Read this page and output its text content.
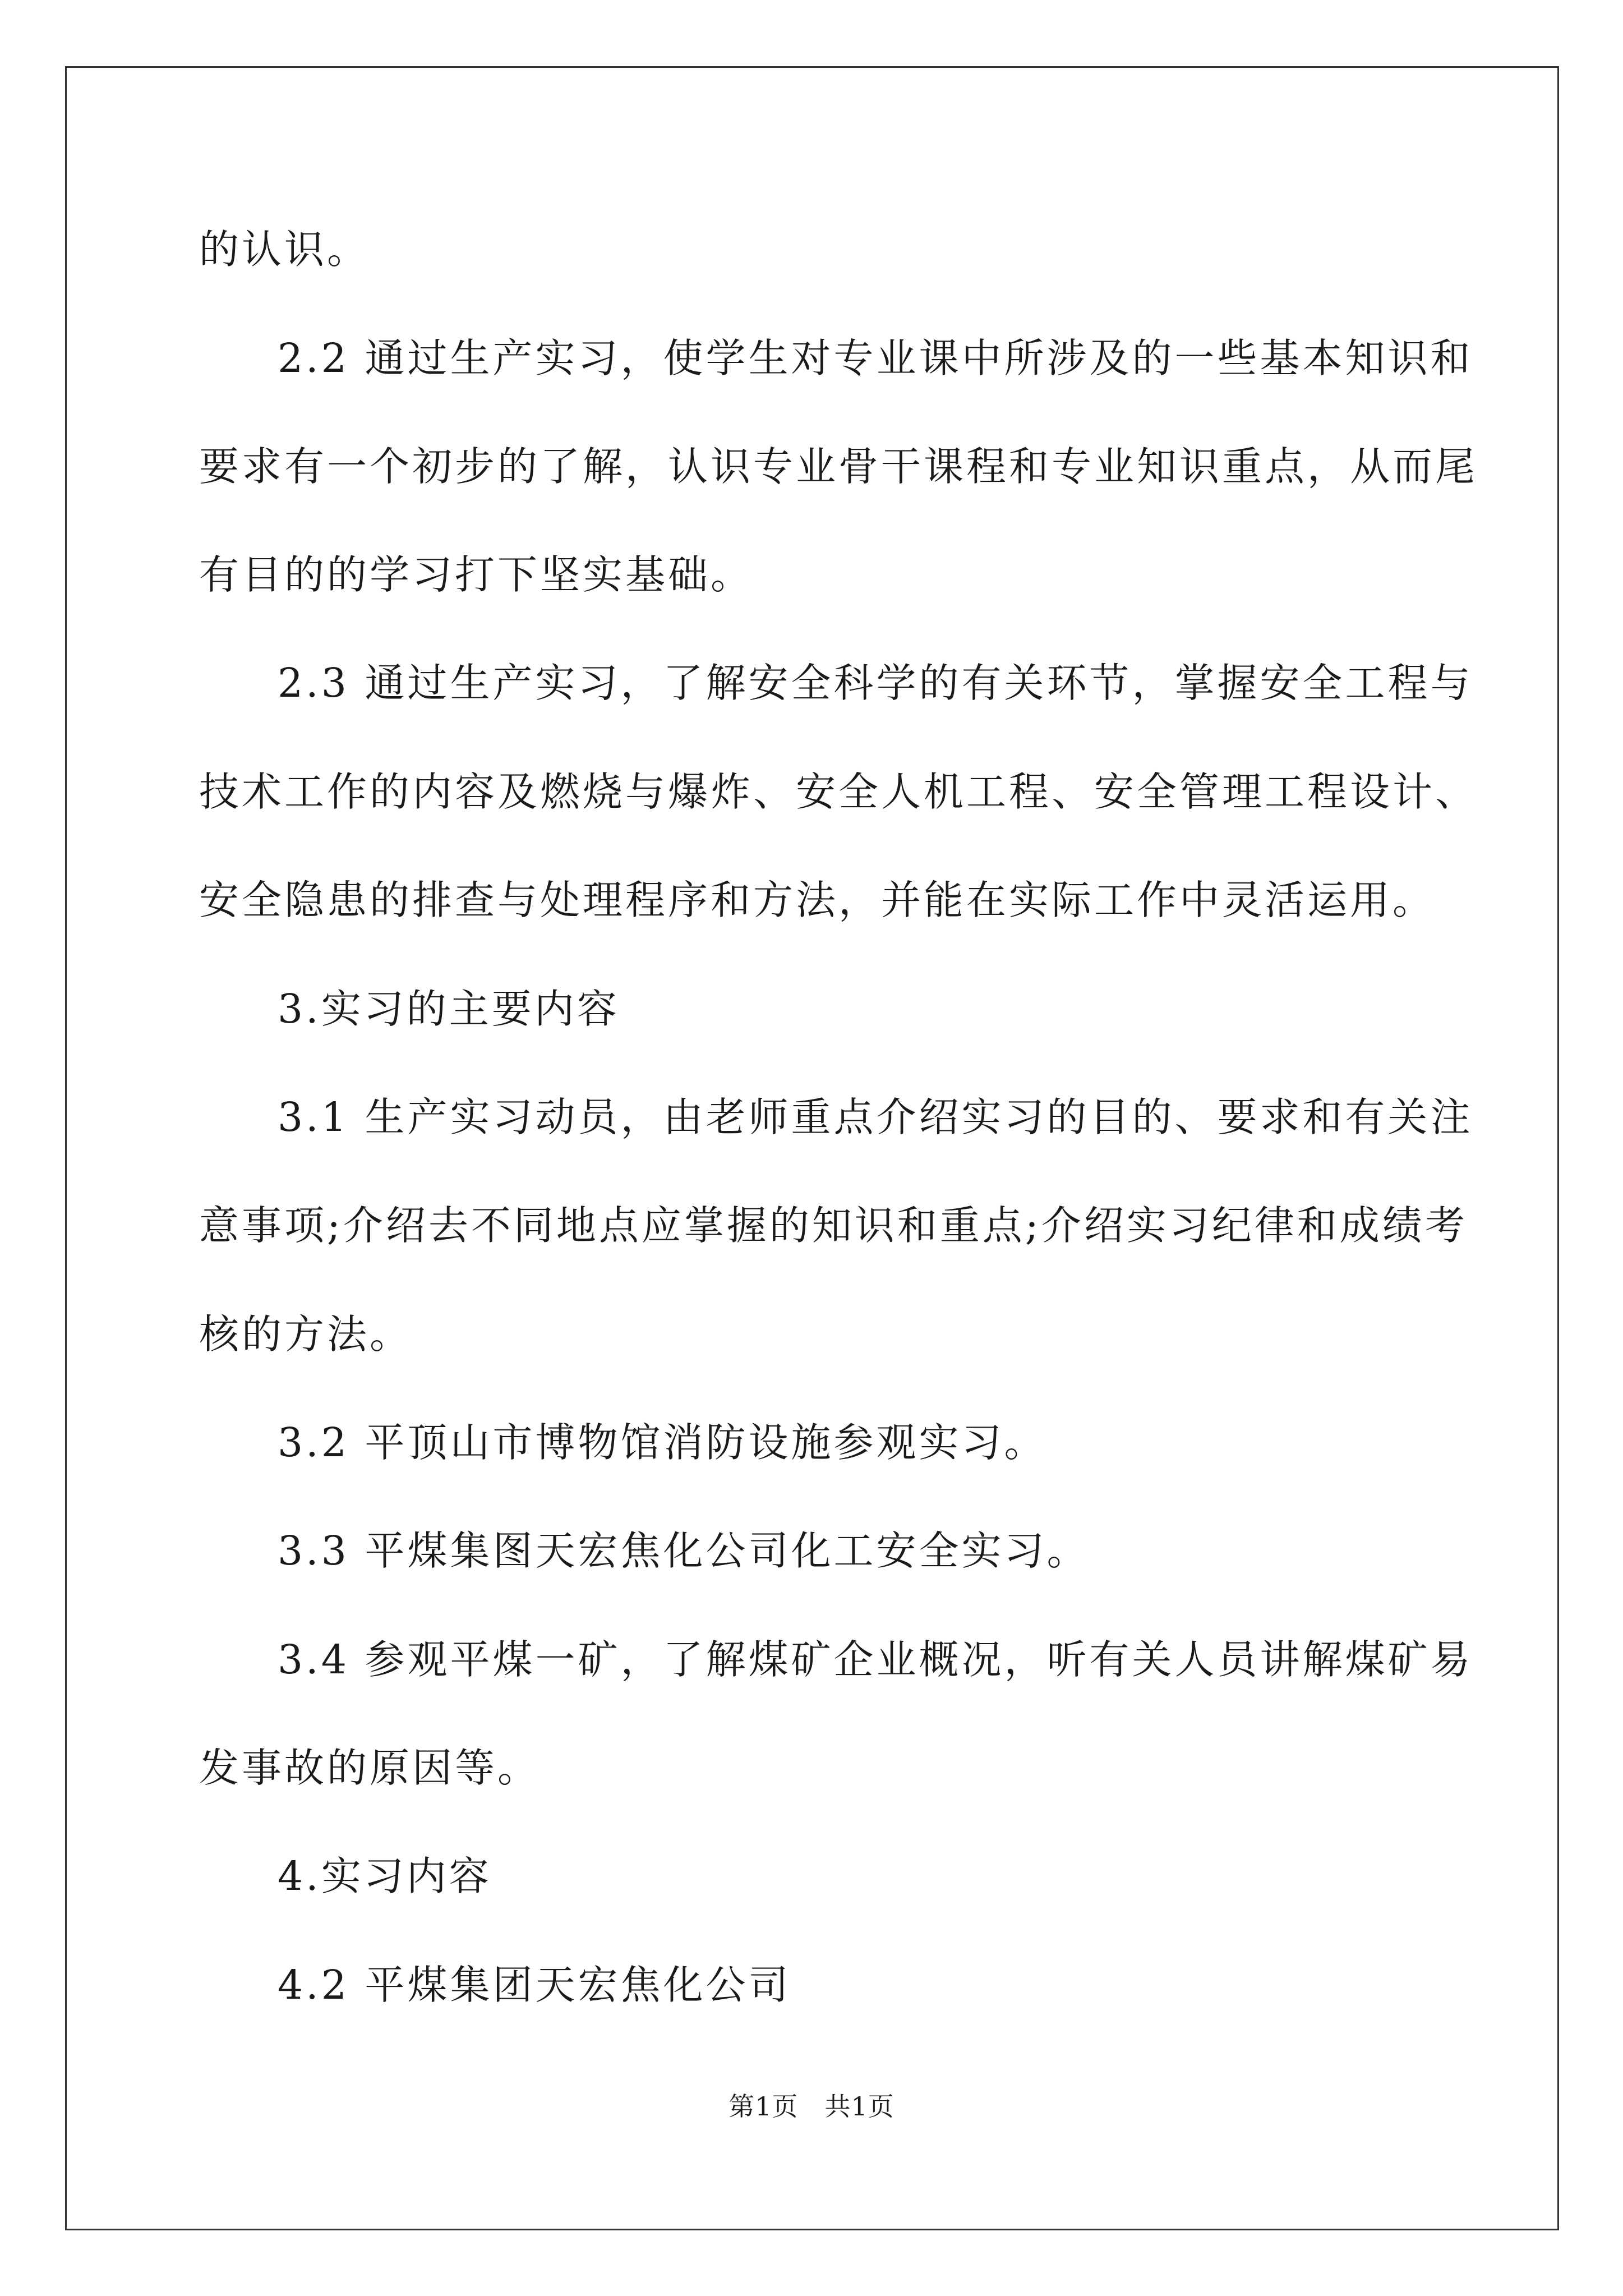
的认识。
2.2 通过生产实习，使学生对专业课中所涉及的一些基本知识和
要求有一个初步的了解，认识专业骨干课程和专业知识重点，从而尾
有目的的学习打下坚实基础。
2.3 通过生产实习，了解安全科学的有关环节，掌握安全工程与
技术工作的内容及燃烧与爆炸、安全人机工程、安全管理工程设计、
安全隐患的排查与处理程序和方法，并能在实际工作中灵活运用。
3.实习的主要内容
3.1 生产实习动员，由老师重点介绍实习的目的、要求和有关注
意事项;介绍去不同地点应掌握的知识和重点;介绍实习纪律和成绩考
核的方法。
3.2 平顶山市博物馆消防设施参观实习。
3.3 平煤集图天宏焦化公司化工安全实习。
3.4 参观平煤一矿，了解煤矿企业概况，听有关人员讲解煤矿易
发事故的原因等。
4.实习内容
4.2 平煤集团天宏焦化公司
第1页 共1页
